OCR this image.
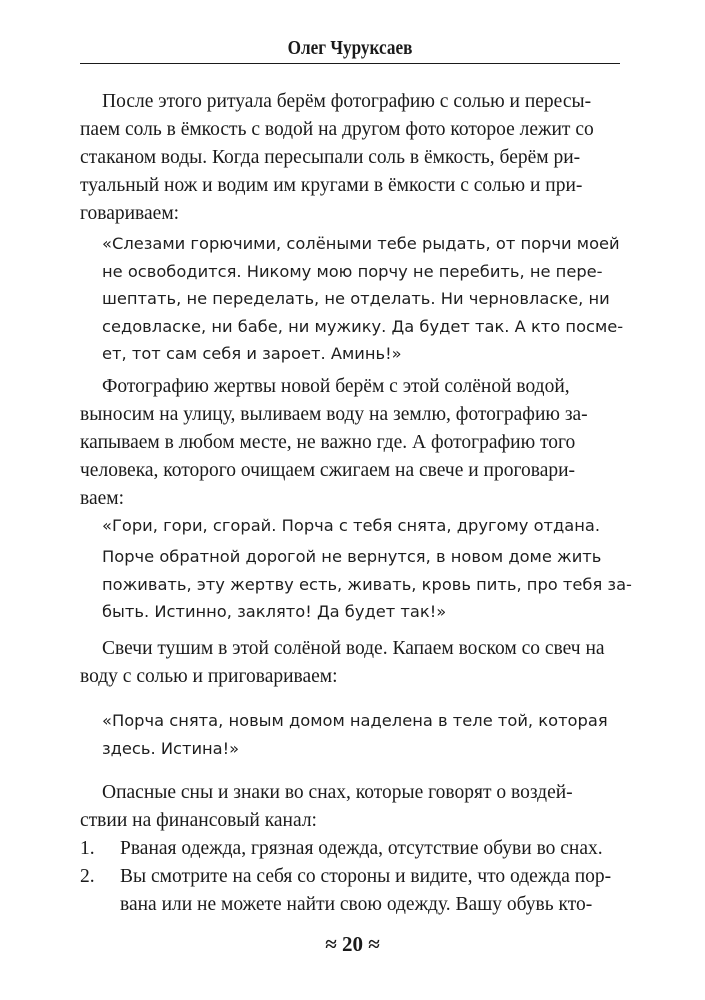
Олег Чуруксаев
После этого ритуала берём фотографию с солью и пересы-
паем соль в ёмкость с водой на другом фото которое лежит со
стаканом воды. Когда пересыпали соль в ёмкость, берём ри-
туальный нож и водим им кругами в ёмкости с солью и при-
говариваем:
«Слезами горючими, солёными тебе рыдать, от порчи моей
не освободится. Никому мою порчу не перебить, не пере-
шептать, не переделать, не отделать. Ни черновласке, ни
седовласке, ни бабе, ни мужику. Да будет так. А кто посме-
ет, тот сам себя и зароет. Аминь!»
Фотографию жертвы новой берём с этой солёной водой,
выносим на улицу, выливаем воду на землю, фотографию за-
капываем в любом месте, не важно где. А фотографию того
человека, которого очищаем сжигаем на свече и проговари-
ваем:
«Гори, гори, сгорай. Порча с тебя снята, другому отдана.
Порче обратной дорогой не вернутся, в новом доме жить
поживать, эту жертву есть, живать, кровь пить, про тебя за-
быть. Истинно, заклято! Да будет так!»
Свечи тушим в этой солёной воде. Капаем воском со свеч на
воду с солью и приговариваем:
«Порча снята, новым домом наделена в теле той, которая
здесь. Истина!»
Опасные сны и знаки во снах, которые говорят о воздей-
ствии на финансовый канал:
1. Рваная одежда, грязная одежда, отсутствие обуви во снах.
2. Вы смотрите на себя со стороны и видите, что одежда пор-
вана или не можете найти свою одежду. Вашу обувь кто-
≈ 20 ≈
